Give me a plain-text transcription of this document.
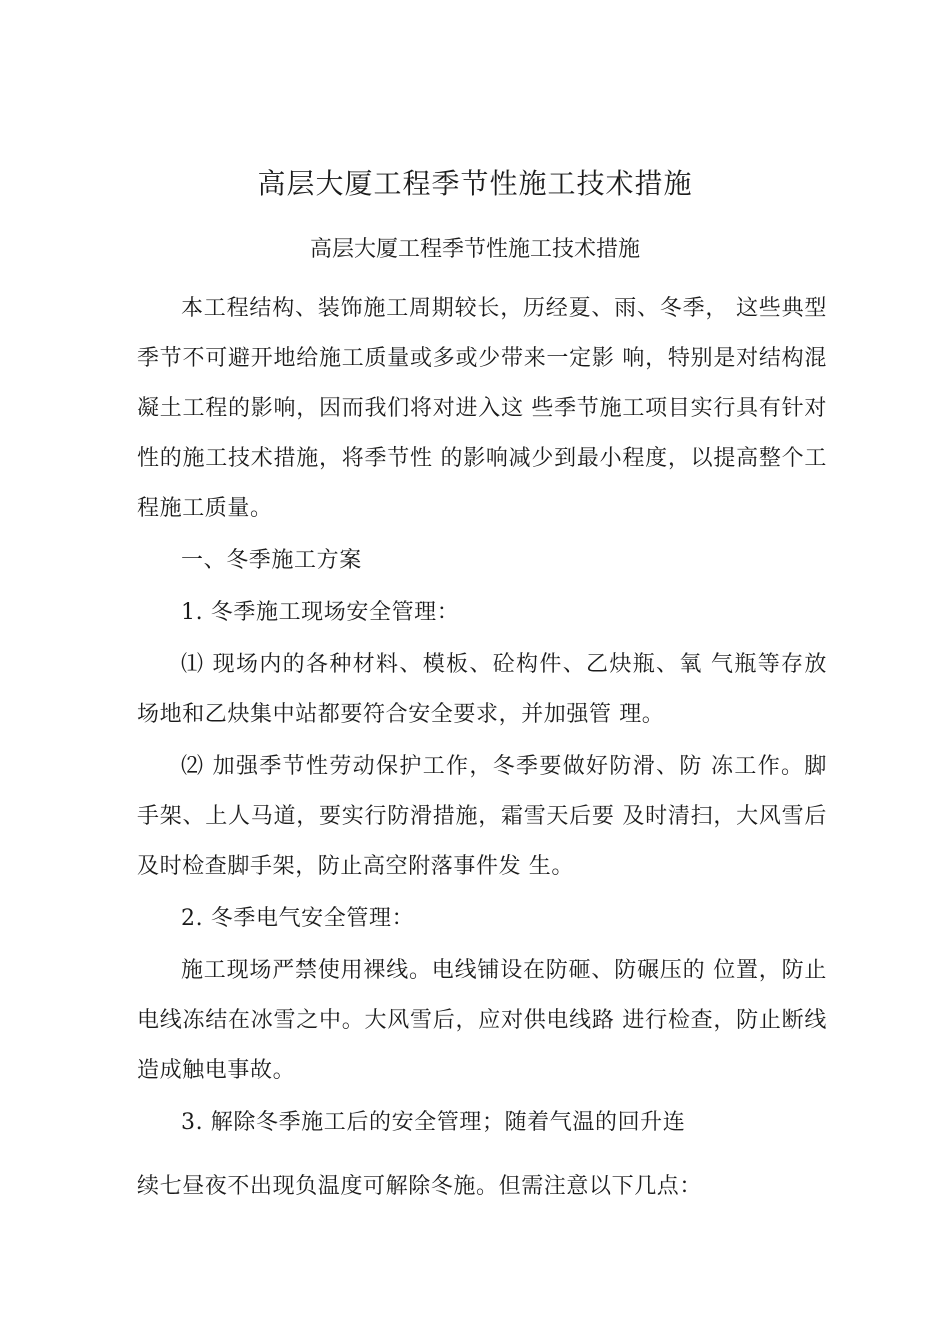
高层大厦工程季节性施工技术措施
高层大厦工程季节性施工技术措施

本工程结构、装饰施工周期较长，历经夏、雨、冬季， 这些典型季节不可避开地给施工质量或多或少带来一定影 响，特别是对结构混凝土工程的影响，因而我们将对进入这 些季节施工项目实行具有针对性的施工技术措施，将季节性 的影响减少到最小程度，以提高整个工程施工质量。

一、冬季施工方案

1. 冬季施工现场安全管理：

⑴ 现场内的各种材料、模板、砼构件、乙炔瓶、氧 气瓶等存放场地和乙炔集中站都要符合安全要求，并加强管 理。

⑵ 加强季节性劳动保护工作，冬季要做好防滑、防 冻工作。脚手架、上人马道，要实行防滑措施，霜雪天后要 及时清扫，大风雪后及时检查脚手架，防止高空附落事件发 生。

2. 冬季电气安全管理：

施工现场严禁使用裸线。电线铺设在防砸、防碾压的 位置，防止电线冻结在冰雪之中。大风雪后，应对供电线路 进行检查，防止断线造成触电事故。

3. 解除冬季施工后的安全管理；随着气温的回升连

续七昼夜不出现负温度可解除冬施。但需注意以下几点：
